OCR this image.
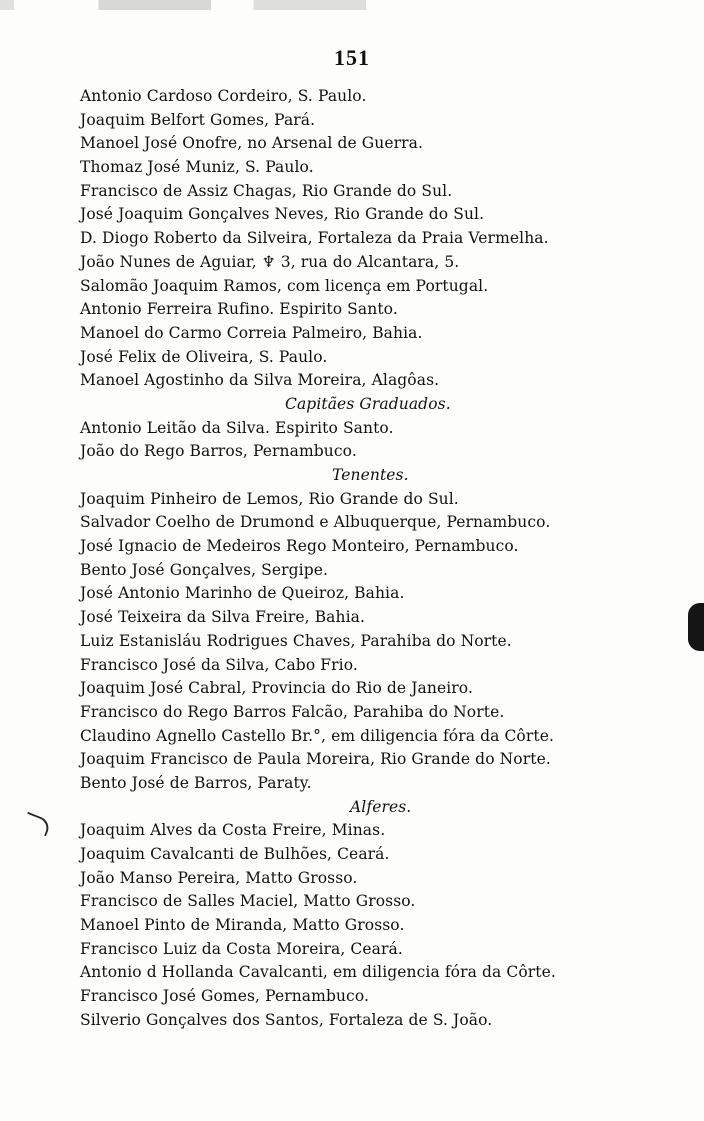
151
Antonio Cardoso Cordeiro, S. Paulo.
Joaquim Belfort Gomes, Pará.
Manoel José Onofre, no Arsenal de Guerra.
Thomaz José Muniz, S. Paulo.
Francisco de Assiz Chagas, Rio Grande do Sul.
José Joaquim Gonçalves Neves, Rio Grande do Sul.
D. Diogo Roberto da Silveira, Fortaleza da Praia Vermelha.
João Nunes de Aguiar, ♆ 3, rua do Alcantara, 5.
Salomão Joaquim Ramos, com licença em Portugal.
Antonio Ferreira Rufino. Espirito Santo.
Manoel do Carmo Correia Palmeiro, Bahia.
José Felix de Oliveira, S. Paulo.
Manoel Agostinho da Silva Moreira, Alagôas.
Capitães Graduados.
Antonio Leitão da Silva. Espirito Santo.
João do Rego Barros, Pernambuco.
Tenentes.
Joaquim Pinheiro de Lemos, Rio Grande do Sul.
Salvador Coelho de Drumond e Albuquerque, Pernambuco.
José Ignacio de Medeiros Rego Monteiro, Pernambuco.
Bento José Gonçalves, Sergipe.
José Antonio Marinho de Queiroz, Bahia.
José Teixeira da Silva Freire, Bahia.
Luiz Estanisláu Rodrigues Chaves, Parahiba do Norte.
Francisco José da Silva, Cabo Frio.
Joaquim José Cabral, Provincia do Rio de Janeiro.
Francisco do Rego Barros Falcão, Parahiba do Norte.
Claudino Agnello Castello Br.°, em diligencia fóra da Côrte.
Joaquim Francisco de Paula Moreira, Rio Grande do Norte.
Bento José de Barros, Paraty.
Alferes.
Joaquim Alves da Costa Freire, Minas.
Joaquim Cavalcanti de Bulhões, Ceará.
João Manso Pereira, Matto Grosso.
Francisco de Salles Maciel, Matto Grosso.
Manoel Pinto de Miranda, Matto Grosso.
Francisco Luiz da Costa Moreira, Ceará.
Antonio d Hollanda Cavalcanti, em diligencia fóra da Côrte.
Francisco José Gomes, Pernambuco.
Silverio Gonçalves dos Santos, Fortaleza de S. João.
